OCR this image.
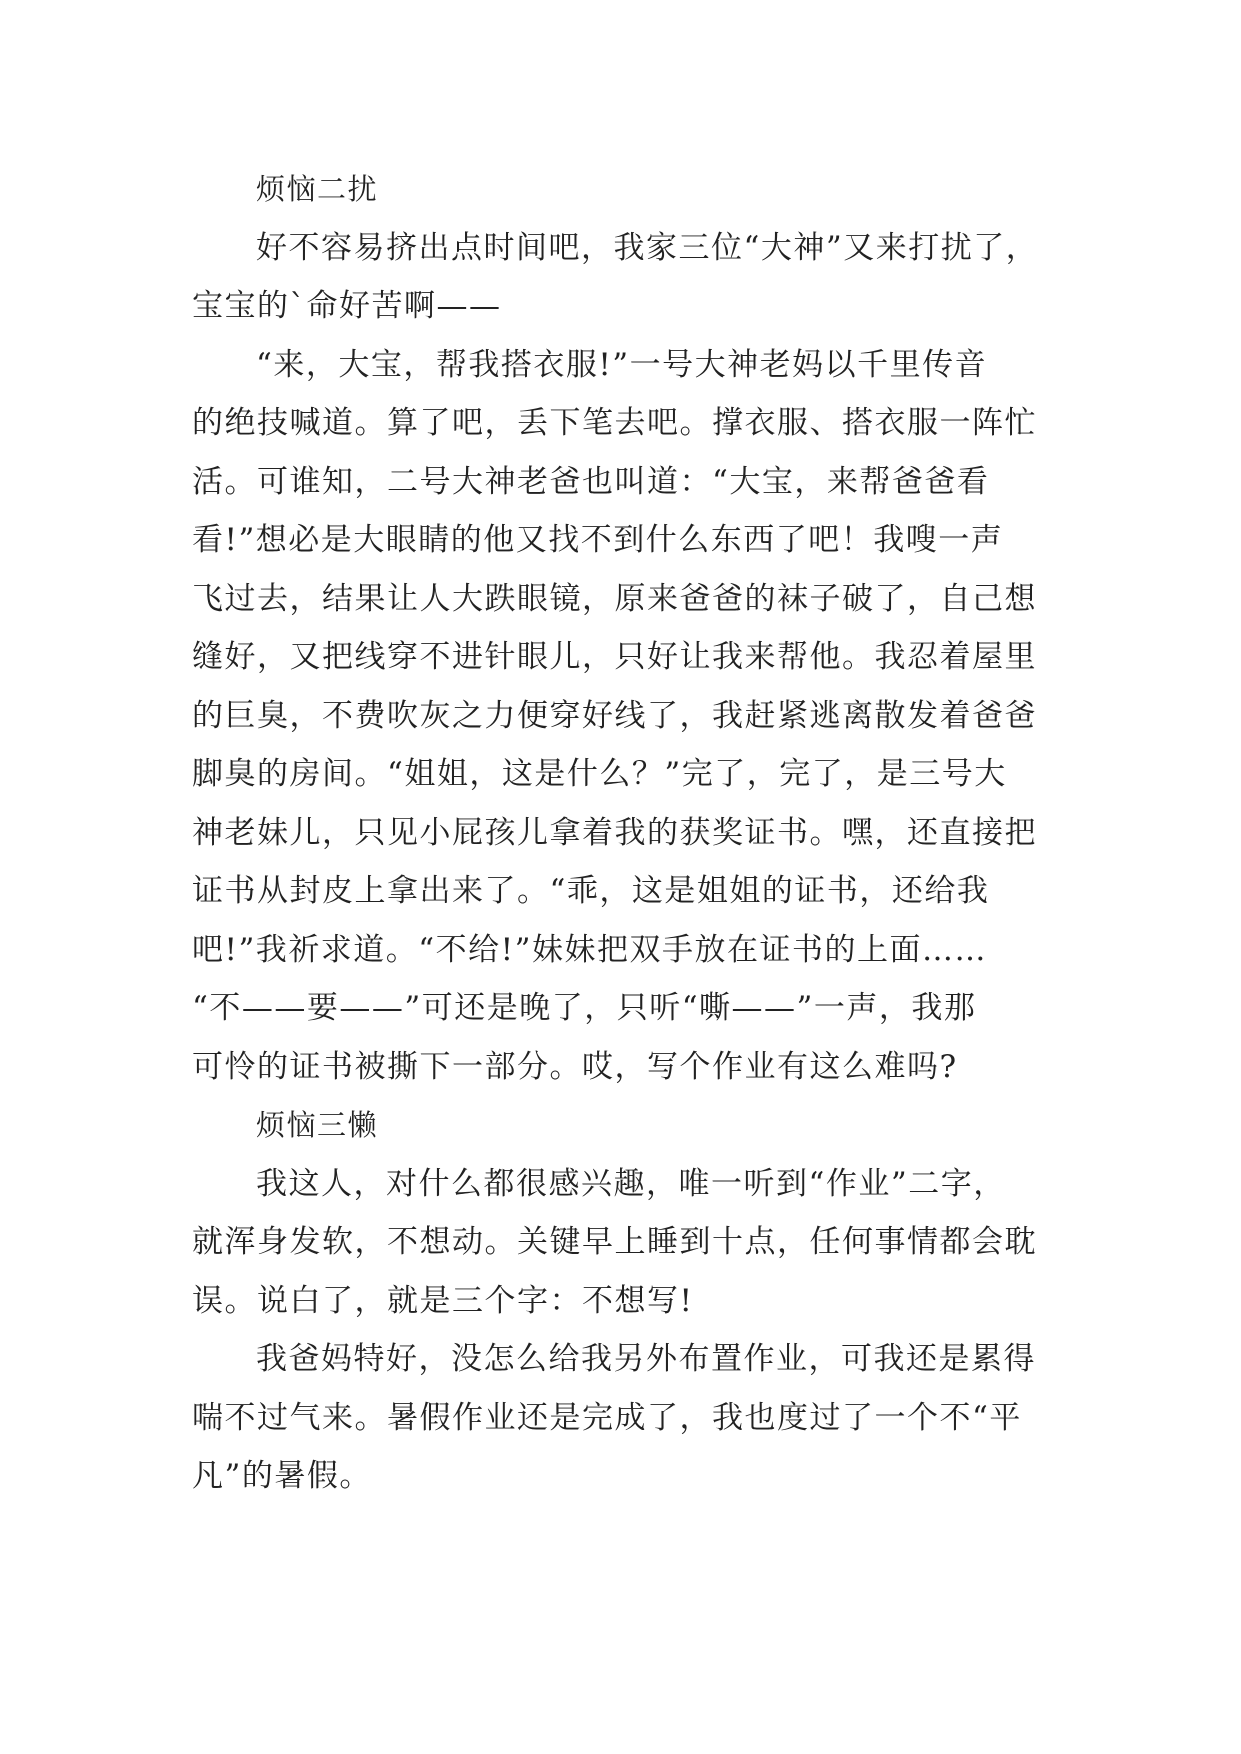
烦恼二扰
好不容易挤出点时间吧，我家三位“大神”又来打扰了，
宝宝的`命好苦啊——
“来，大宝，帮我搭衣服!”一号大神老妈以千里传音
的绝技喊道。算了吧，丢下笔去吧。撑衣服、搭衣服一阵忙
活。可谁知，二号大神老爸也叫道：“大宝，来帮爸爸看
看!”想必是大眼睛的他又找不到什么东西了吧！我嗖一声
飞过去，结果让人大跌眼镜，原来爸爸的袜子破了，自己想
缝好，又把线穿不进针眼儿，只好让我来帮他。我忍着屋里
的巨臭，不费吹灰之力便穿好线了，我赶紧逃离散发着爸爸
脚臭的房间。“姐姐，这是什么？”完了，完了，是三号大
神老妹儿，只见小屁孩儿拿着我的获奖证书。嘿，还直接把
证书从封皮上拿出来了。“乖，这是姐姐的证书，还给我
吧!”我祈求道。“不给!”妹妹把双手放在证书的上面……
“不——要——”可还是晚了，只听“嘶——”一声，我那
可怜的证书被撕下一部分。哎，写个作业有这么难吗?
烦恼三懒
我这人，对什么都很感兴趣，唯一听到“作业”二字，
就浑身发软，不想动。关键早上睡到十点，任何事情都会耽
误。说白了，就是三个字：不想写!
我爸妈特好，没怎么给我另外布置作业，可我还是累得
喘不过气来。暑假作业还是完成了，我也度过了一个不“平
凡”的暑假。
